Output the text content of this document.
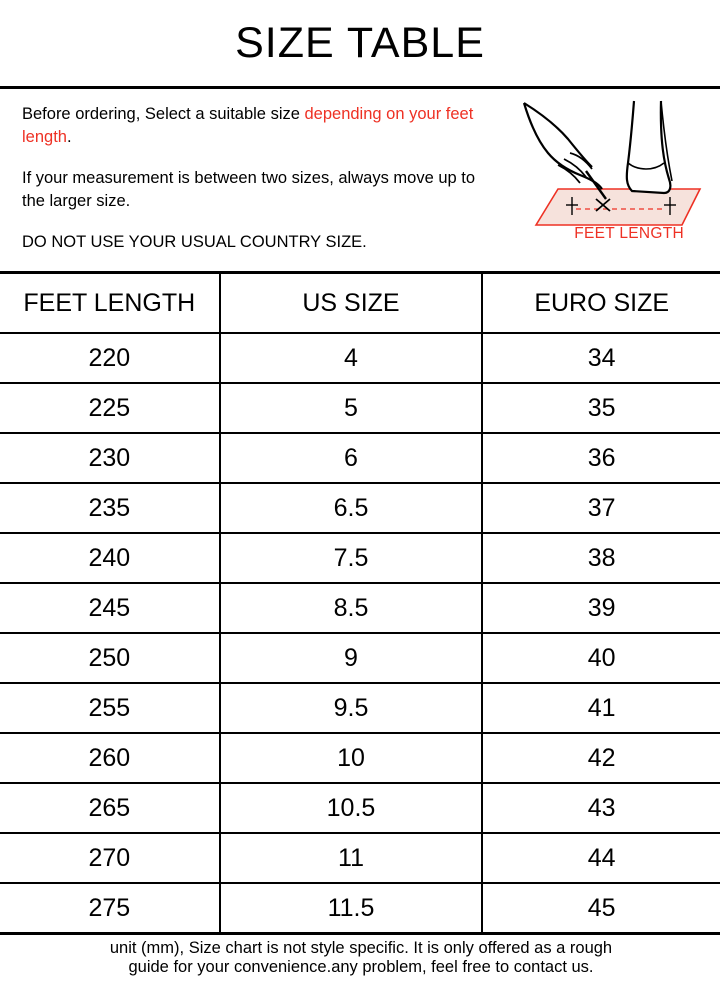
SIZE TABLE

Before ordering, Select a suitable size depending on your feet length.

If your measurement is between two sizes, always move up to the larger size.

DO NOT USE YOUR USUAL COUNTRY SIZE.	FEET LENGTH
FEET LENGTH	US SIZE	EURO SIZE
220	4	34
225	5	35
230	6	36
235	6.5	37
240	7.5	38
245	8.5	39
250	9	40
255	9.5	41
260	10	42
265	10.5	43
270	11	44
275	11.5	45
unit (mm), Size chart is not style specific. It is only offered as a rough
guide for your convenience.any problem, feel free to contact us.
